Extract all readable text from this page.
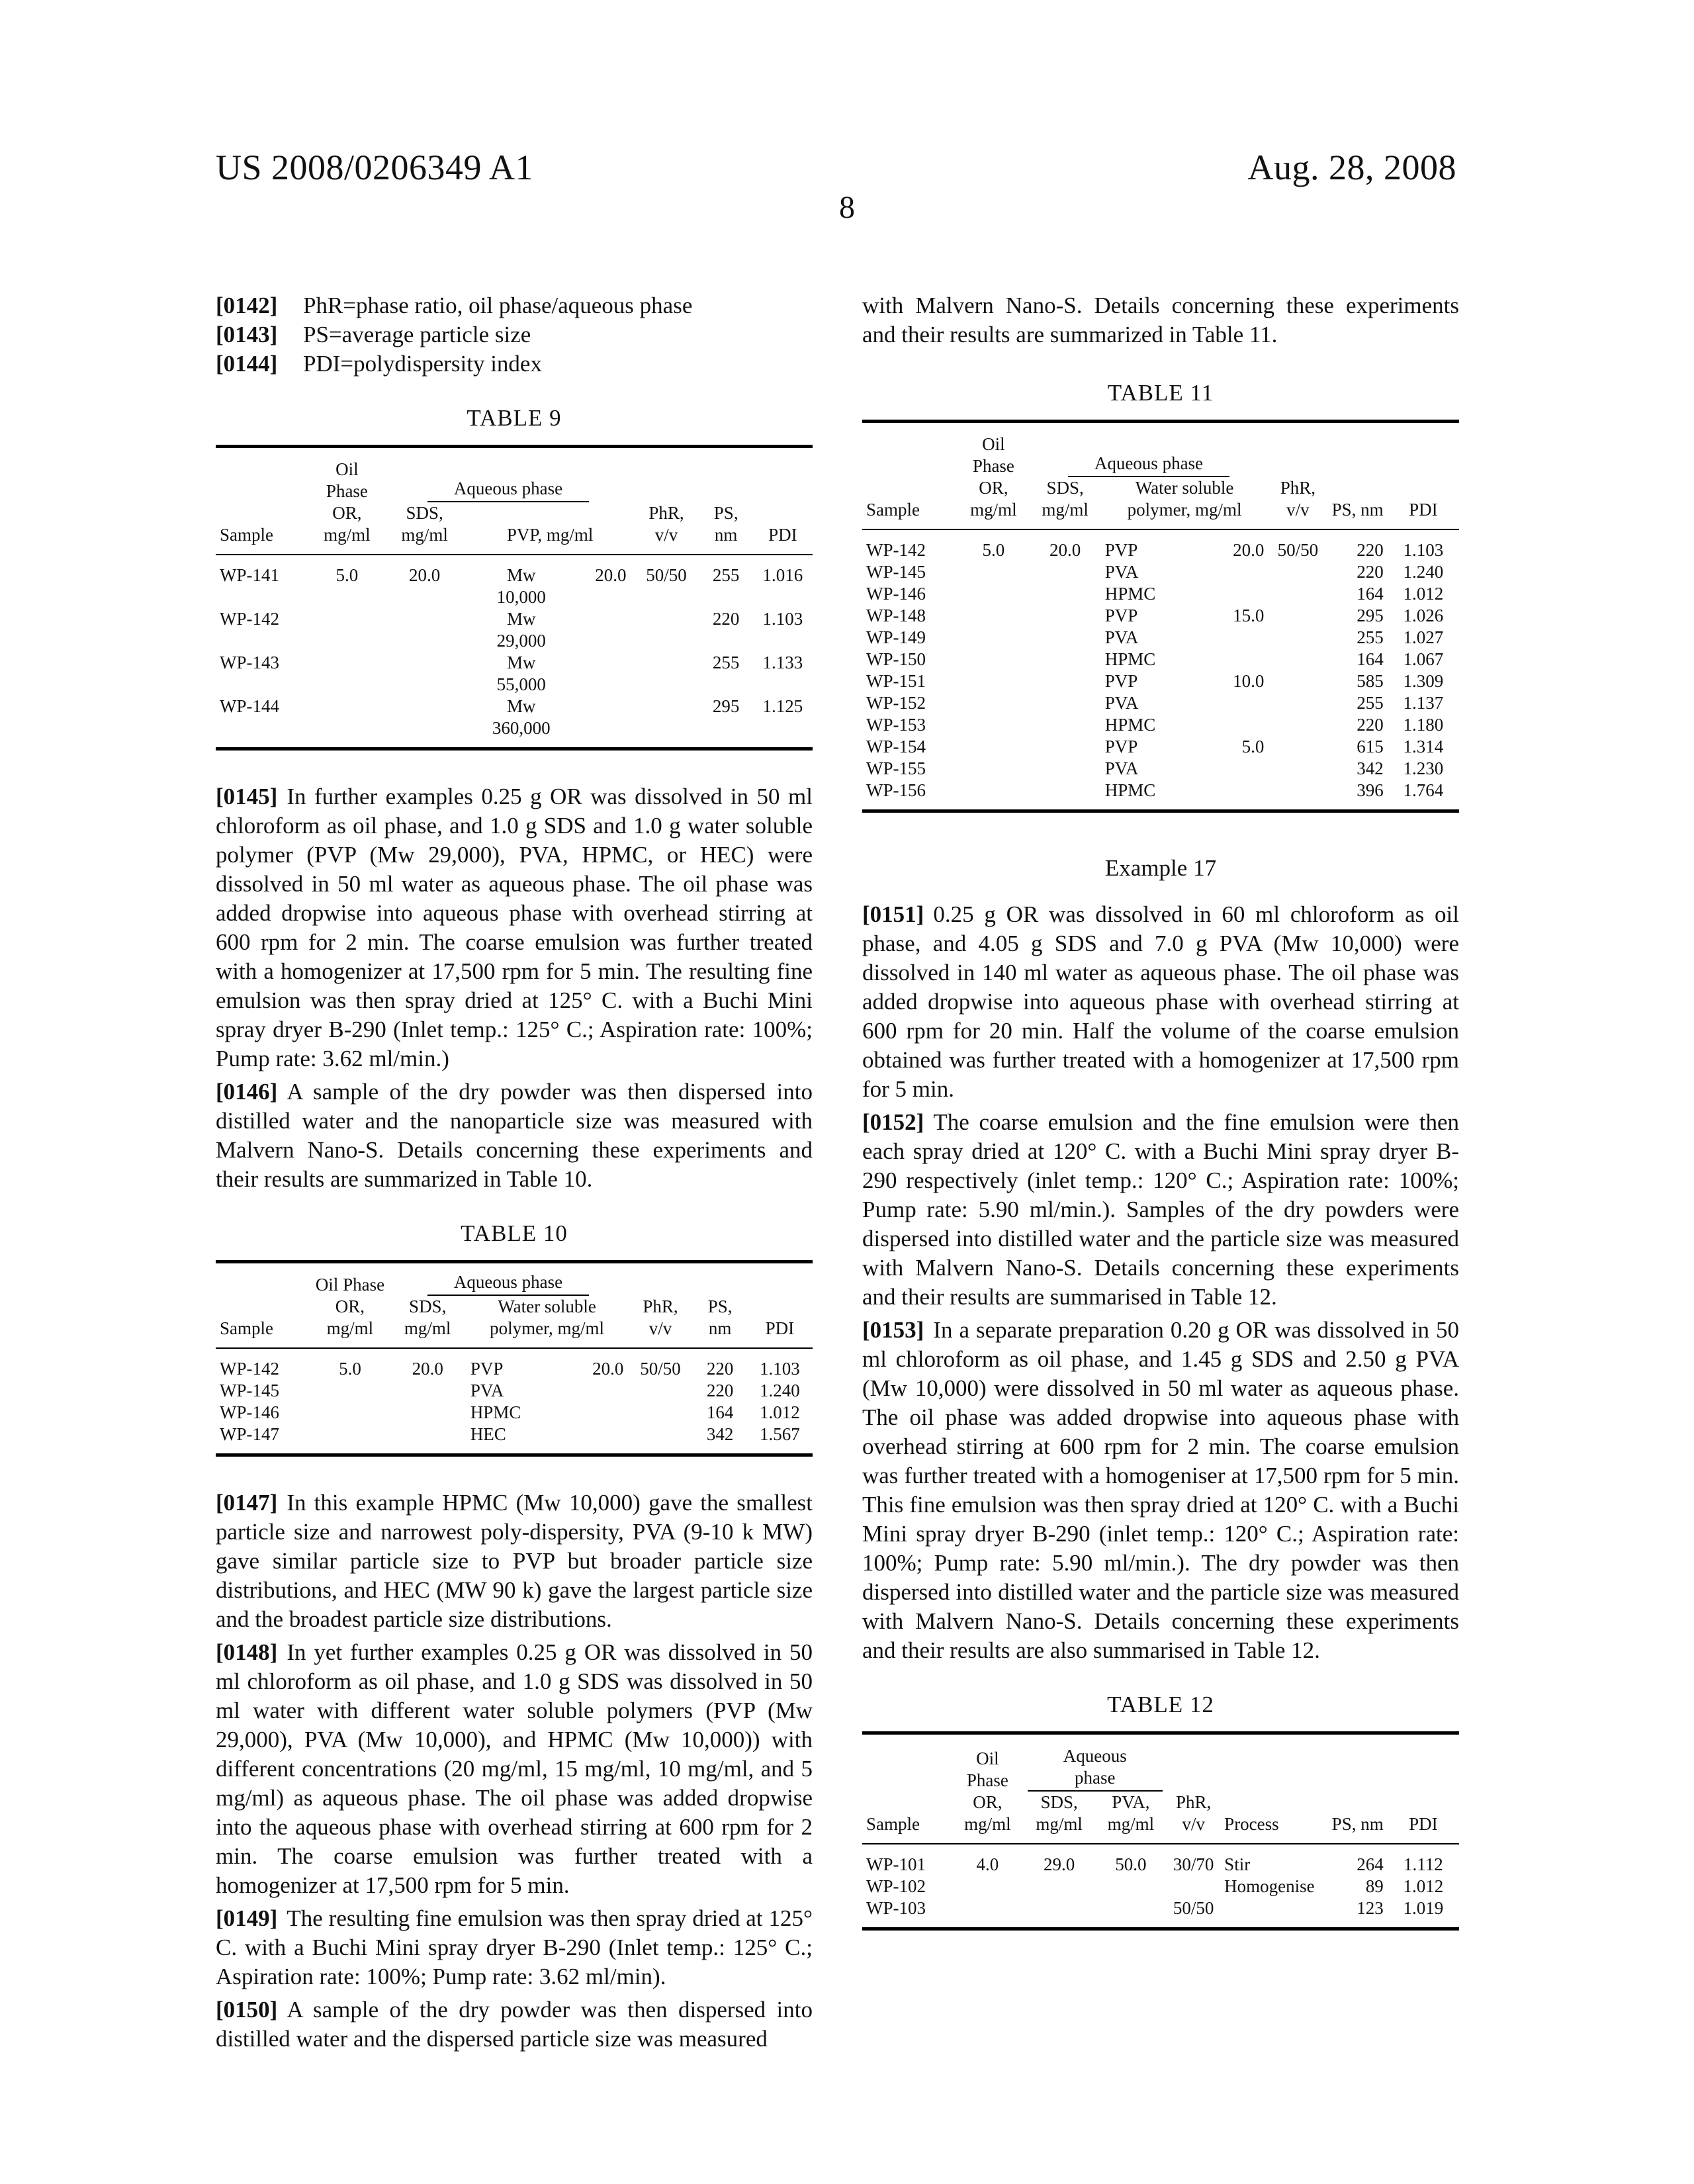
US 2008/0206349 A1	Aug. 28, 2008
8
[0142] PhR=phase ratio, oil phase/aqueous phase
[0143] PS=average particle size
[0144] PDI=polydispersity index
TABLE 9

	Oil Phase	Aqueous phase	
Sample	OR, mg/ml	SDS, mg/ml	PVP, mg/ml	PhR, v/v	PS, nm	PDI
WP-141	5.0	20.0	Mw
10,000
20.0	50/50	255	1.016
WP-142			Mw
29,000
		220	1.103
WP-143			Mw
55,000
		255	1.133
WP-144			Mw
360,000
		295	1.125

[0145] In further examples 0.25 g OR was dissolved in 50 ml chloroform as oil phase, and 1.0 g SDS and 1.0 g water soluble polymer (PVP (Mw 29,000), PVA, HPMC, or HEC) were dissolved in 50 ml water as aqueous phase. The oil phase was added dropwise into aqueous phase with overhead stirring at 600 rpm for 2 min. The coarse emulsion was further treated with a homogenizer at 17,500 rpm for 5 min. The resulting fine emulsion was then spray dried at 125° C. with a Buchi Mini spray dryer B-290 (Inlet temp.: 125° C.; Aspiration rate: 100%; Pump rate: 3.62 ml/min.)

[0146] A sample of the dry powder was then dispersed into distilled water and the nanoparticle size was measured with Malvern Nano-S. Details concerning these experiments and their results are summarized in Table 10.

TABLE 10

	Oil Phase	Aqueous phase	
Sample	OR, mg/ml	SDS, mg/ml	Water soluble polymer, mg/ml	PhR, v/v	PS, nm	PDI
WP-142	5.0	20.0	PVP	20.0	50/50	220	1.103
WP-145			PVA			220	1.240
WP-146			HPMC			164	1.012
WP-147			HEC			342	1.567

[0147] In this example HPMC (Mw 10,000) gave the smallest particle size and narrowest poly-dispersity, PVA (9-10 k MW) gave similar particle size to PVP but broader particle size distributions, and HEC (MW 90 k) gave the largest particle size and the broadest particle size distributions.

[0148] In yet further examples 0.25 g OR was dissolved in 50 ml chloroform as oil phase, and 1.0 g SDS was dissolved in 50 ml water with different water soluble polymers (PVP (Mw 29,000), PVA (Mw 10,000), and HPMC (Mw 10,000)) with different concentrations (20 mg/ml, 15 mg/ml, 10 mg/ml, and 5 mg/ml) as aqueous phase. The oil phase was added dropwise into the aqueous phase with overhead stirring at 600 rpm for 2 min. The coarse emulsion was further treated with a homogenizer at 17,500 rpm for 5 min.

[0149] The resulting fine emulsion was then spray dried at 125° C. with a Buchi Mini spray dryer B-290 (Inlet temp.: 125° C.; Aspiration rate: 100%; Pump rate: 3.62 ml/min).

[0150] A sample of the dry powder was then dispersed into distilled water and the dispersed particle size was measured

with Malvern Nano-S. Details concerning these experiments and their results are summarized in Table 11.

TABLE 11

	Oil Phase	Aqueous phase	
Sample	OR, mg/ml	SDS, mg/ml	Water soluble polymer, mg/ml	PhR, v/v	PS, nm	PDI
WP-142	5.0	20.0	PVP	20.0	50/50	220	1.103
WP-145			PVA			220	1.240
WP-146			HPMC			164	1.012
WP-148			PVP	15.0		295	1.026
WP-149			PVA			255	1.027
WP-150			HPMC			164	1.067
WP-151			PVP	10.0		585	1.309
WP-152			PVA			255	1.137
WP-153			HPMC			220	1.180
WP-154			PVP	5.0		615	1.314
WP-155			PVA			342	1.230
WP-156			HPMC			396	1.764
Example 17

[0151] 0.25 g OR was dissolved in 60 ml chloroform as oil phase, and 4.05 g SDS and 7.0 g PVA (Mw 10,000) were dissolved in 140 ml water as aqueous phase. The oil phase was added dropwise into aqueous phase with overhead stirring at 600 rpm for 20 min. Half the volume of the coarse emulsion obtained was further treated with a homogenizer at 17,500 rpm for 5 min.

[0152] The coarse emulsion and the fine emulsion were then each spray dried at 120° C. with a Buchi Mini spray dryer B-290 respectively (inlet temp.: 120° C.; Aspiration rate: 100%; Pump rate: 5.90 ml/min.). Samples of the dry powders were dispersed into distilled water and the particle size was measured with Malvern Nano-S. Details concerning these experiments and their results are summarised in Table 12.

[0153] In a separate preparation 0.20 g OR was dissolved in 50 ml chloroform as oil phase, and 1.45 g SDS and 2.50 g PVA (Mw 10,000) were dissolved in 50 ml water as aqueous phase. The oil phase was added dropwise into aqueous phase with overhead stirring at 600 rpm for 2 min. The coarse emulsion was further treated with a homogeniser at 17,500 rpm for 5 min. This fine emulsion was then spray dried at 120° C. with a Buchi Mini spray dryer B-290 (inlet temp.: 120° C.; Aspiration rate: 100%; Pump rate: 5.90 ml/min.). The dry powder was then dispersed into distilled water and the particle size was measured with Malvern Nano-S. Details concerning these experiments and their results are also summarised in Table 12.

TABLE 12

	Oil Phase	Aqueous phase	
Sample	OR, mg/ml	SDS, mg/ml	PVA, mg/ml	PhR, v/v	Process	PS, nm	PDI
WP-101	4.0	29.0	50.0	30/70	Stir	264	1.112
WP-102					Homogenise	89	1.012
WP-103				50/50		123	1.019
